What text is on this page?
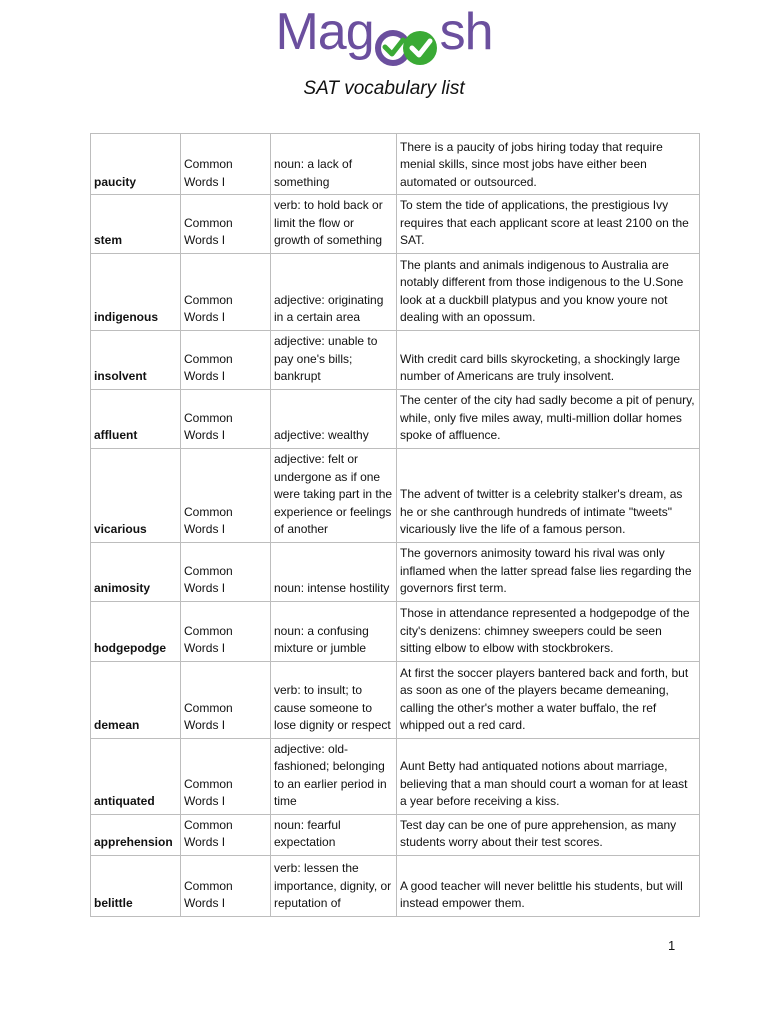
Mag sh
SAT vocabulary list
paucity	Common Words I	noun: a lack of something	There is a paucity of jobs hiring today that require menial skills, since most jobs have either been automated or outsourced.
stem	Common Words I	verb: to hold back or limit the flow or growth of something	To stem the tide of applications, the prestigious Ivy requires that each applicant score at least 2100 on the SAT.
indigenous	Common Words I	adjective: originating in a certain area	The plants and animals indigenous to Australia are notably different from those indigenous to the U.Sone look at a duckbill platypus and you know youre not dealing with an opossum.
insolvent	Common Words I	adjective: unable to pay one's bills; bankrupt	With credit card bills skyrocketing, a shockingly large number of Americans are truly insolvent.
affluent	Common Words I	adjective: wealthy	The center of the city had sadly become a pit of penury, while, only five miles away, multi-million dollar homes spoke of affluence.
vicarious	Common Words I	adjective: felt or undergone as if one were taking part in the experience or feelings of another	The advent of twitter is a celebrity stalker's dream, as he or she canthrough hundreds of intimate "tweets" vicariously live the life of a famous person.
animosity	Common Words I	noun: intense hostility	The governors animosity toward his rival was only inflamed when the latter spread false lies regarding the governors first term.
hodgepodge	Common Words I	noun: a confusing mixture or jumble	Those in attendance represented a hodgepodge of the city's denizens: chimney sweepers could be seen sitting elbow to elbow with stockbrokers.
demean	Common Words I	verb: to insult; to cause someone to lose dignity or respect	At first the soccer players bantered back and forth, but as soon as one of the players became demeaning, calling the other's mother a water buffalo, the ref whipped out a red card.
antiquated	Common Words I	adjective: old-fashioned; belonging to an earlier period in time	Aunt Betty had antiquated notions about marriage, believing that a man should court a woman for at least a year before receiving a kiss.
apprehension	Common Words I	noun: fearful expectation	Test day can be one of pure apprehension, as many students worry about their test scores.
belittle	Common Words I	verb: lessen the importance, dignity, or reputation of	A good teacher will never belittle his students, but will instead empower them.
1
